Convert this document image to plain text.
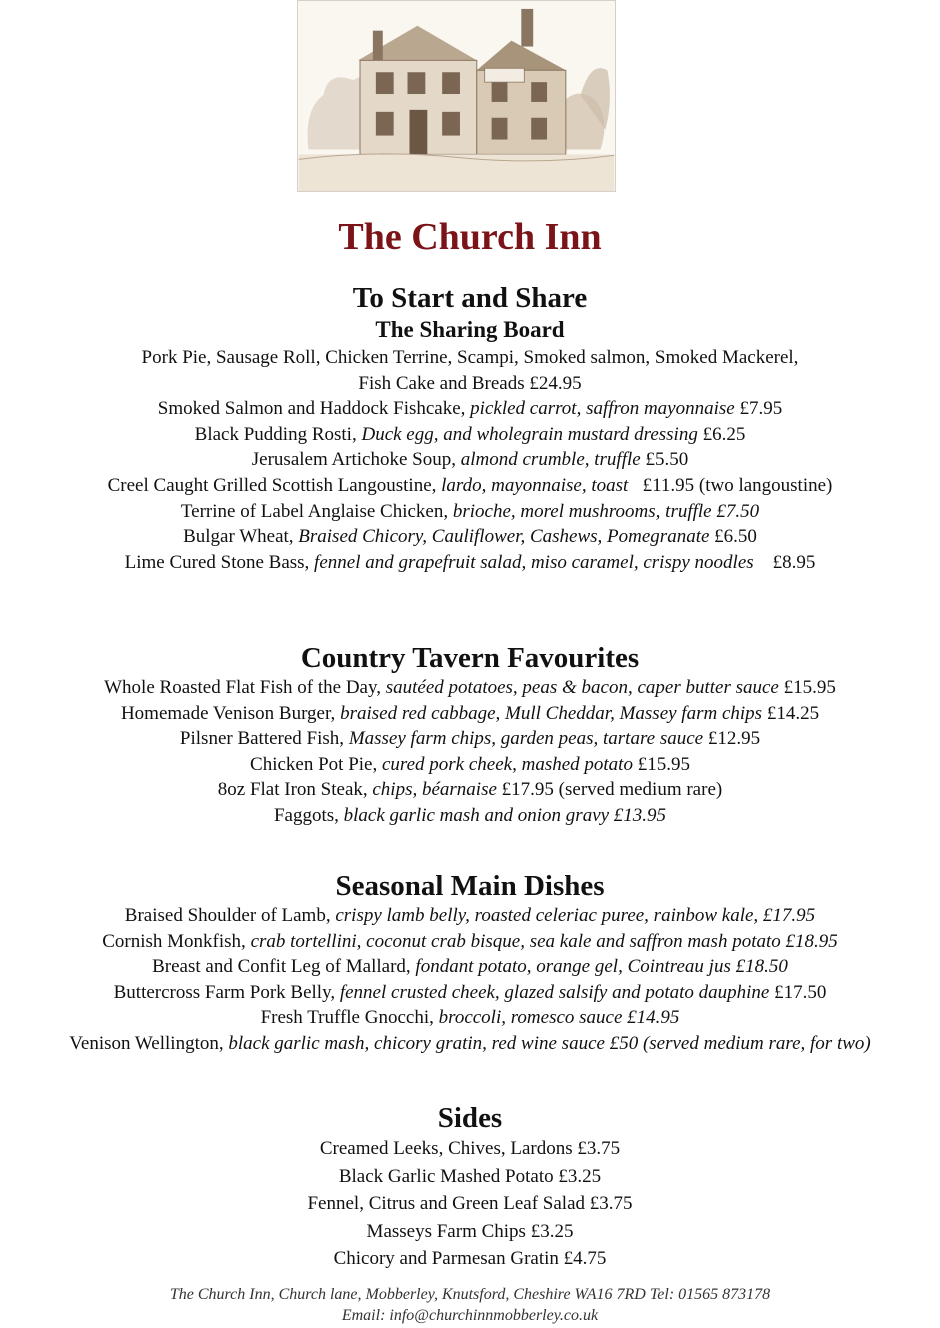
The Church Inn
To Start and Share
The Sharing Board
Pork Pie, Sausage Roll, Chicken Terrine, Scampi, Smoked salmon, Smoked Mackerel,
Fish Cake and Breads £24.95
Smoked Salmon and Haddock Fishcake, pickled carrot, saffron mayonnaise £7.95
Black Pudding Rosti, Duck egg, and wholegrain mustard dressing £6.25
Jerusalem Artichoke Soup, almond crumble, truffle £5.50
Creel Caught Grilled Scottish Langoustine, lardo, mayonnaise, toast   £11.95 (two langoustine)
Terrine of Label Anglaise Chicken, brioche, morel mushrooms, truffle £7.50
Bulgar Wheat, Braised Chicory, Cauliflower, Cashews, Pomegranate £6.50
Lime Cured Stone Bass, fennel and grapefruit salad, miso caramel, crispy noodles    £8.95
Country Tavern Favourites
Whole Roasted Flat Fish of the Day, sautéed potatoes, peas & bacon, caper butter sauce £15.95
Homemade Venison Burger, braised red cabbage, Mull Cheddar, Massey farm chips £14.25
Pilsner Battered Fish, Massey farm chips, garden peas, tartare sauce £12.95
Chicken Pot Pie, cured pork cheek, mashed potato £15.95
8oz Flat Iron Steak, chips, béarnaise £17.95 (served medium rare)
Faggots, black garlic mash and onion gravy £13.95
Seasonal Main Dishes
Braised Shoulder of Lamb, crispy lamb belly, roasted celeriac puree, rainbow kale, £17.95
Cornish Monkfish, crab tortellini, coconut crab bisque, sea kale and saffron mash potato £18.95
Breast and Confit Leg of Mallard, fondant potato, orange gel, Cointreau jus £18.50
Buttercross Farm Pork Belly, fennel crusted cheek, glazed salsify and potato dauphine £17.50
Fresh Truffle Gnocchi, broccoli, romesco sauce £14.95
Venison Wellington, black garlic mash, chicory gratin, red wine sauce £50 (served medium rare, for two)
Sides
Creamed Leeks, Chives, Lardons £3.75
Black Garlic Mashed Potato £3.25
Fennel, Citrus and Green Leaf Salad £3.75
Masseys Farm Chips £3.25
Chicory and Parmesan Gratin £4.75
The Church Inn, Church lane, Mobberley, Knutsford, Cheshire WA16 7RD Tel: 01565 873178
Email: info@churchinnmobberley.co.uk
